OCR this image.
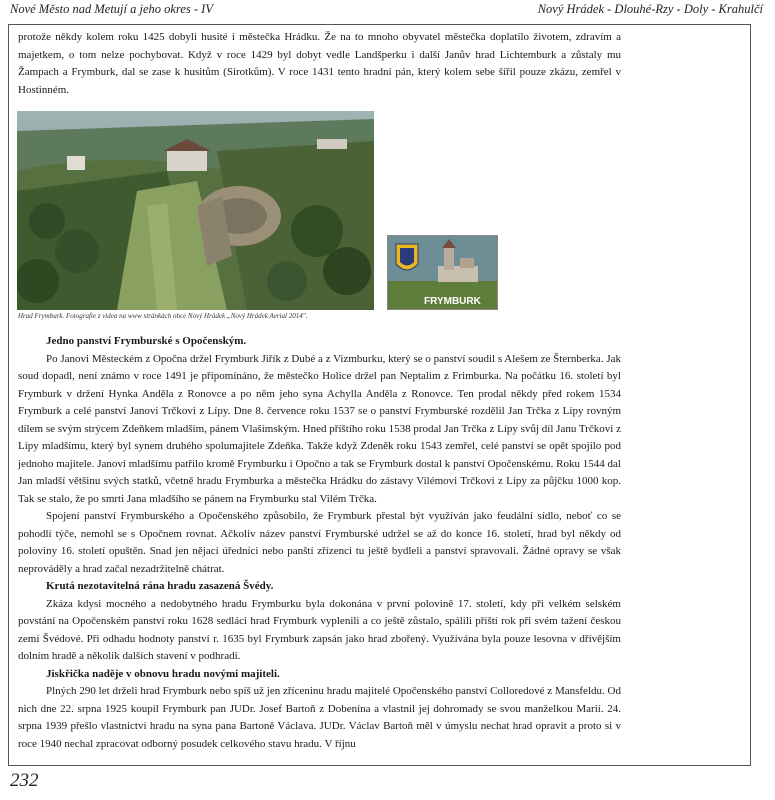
Nové Město nad Metují a jeho okres - IV	Nový Hrádek - Dlouhé-Rzy - Doly - Krahulčí

protože někdy kolem roku 1425 dobyli husité i městečka Hrádku. Že na to mnoho obyvatel městečka doplatilo životem, zdravím a majetkem, o tom nelze pochybovat. Když v roce 1429 byl dobyt vedle Landšperku i další Janův hrad Lichtemburk a zůstaly mu Žampach a Frymburk, dal se zase k husitům (Sirotkům). V roce 1431 tento hradní pán, který kolem sebe šířil pouze zkázu, zemřel v Hostinném.

Hrad Frymburk. Fotografie z videa na www stránkách obce Nový Hrádek „Nový Hrádek Aerial 2014".
FRYMBURK

Jedno panství Frymburské s Opočenským.

Po Janovi Městeckém z Opočna držel Frymburk Jiřík z Dubé a z Vizmburku, který se o panství soudil s Alešem ze Šternberka. Jak soud dopadl, není známo v roce 1491 je připomínáno, že městečko Holice držel pan Neptalim z Frimburka. Na počátku 16. století byl Frymburk v držení Hynka Anděla z Ronovce a po něm jeho syna Achylla Anděla z Ronovce. Ten prodal někdy před rokem 1534 Frymburk a celé panství Janovi Trčkovi z Lípy. Dne 8. července roku 1537 se o panství Frymburské rozdělil Jan Trčka z Lípy rovným dílem se svým strýcem Zdeňkem mladším, pánem Vlašimským. Hned příštího roku 1538 prodal Jan Trčka z Lípy svůj díl Janu Trčkovi z Lípy mladšímu, který byl synem druhého spolumajitele Zdeňka. Takže když Zdeněk roku 1543 zemřel, celé panství se opět spojilo pod jednoho majitele. Janovi mladšímu patřilo kromě Frymburku i Opočno a tak se Frymburk dostal k panství Opočenskému. Roku 1544 dal Jan mladší většinu svých statků, včetně hradu Frymburka a městečka Hrádku do zástavy Vilémovi Trčkovi z Lípy za půjčku 1000 kop. Tak se stalo, že po smrti Jana mladšího se pánem na Frymburku stal Vilém Trčka.

Spojení panství Frymburského a Opočenského způsobilo, že Frymburk přestal být využíván jako feudální sídlo, neboť co se pohodlí týče, nemohl se s Opočnem rovnat. Ačkoliv název panství Frymburské udržel se až do konce 16. století, hrad byl někdy od poloviny 16. století opuštěn. Snad jen nějací úředníci nebo panští zřízenci tu ještě bydleli a panství spravovali. Žádné opravy se však neprováděly a hrad začal nezadržitelně chátrat.

Krutá nezotavitelná rána hradu zasazená Švédy.

Zkáza kdysi mocného a nedobytného hradu Frymburku byla dokonána v první polovině 17. století, kdy při velkém selském povstání na Opočenském panství roku 1628 sedláci hrad Frymburk vyplenili a co ještě zůstalo, spálili příští rok při svém tažení českou zemí Švédové. Při odhadu hodnoty panství r. 1635 byl Frymburk zapsán jako hrad zbořený. Využívána byla pouze lesovna v dřívějším dolním hradě a několik dalších stavení v podhradí.

Jiskřička naděje v obnovu hradu novými majiteli.

Plných 290 let drželi hrad Frymburk nebo spíš už jen zříceninu hradu majitelé Opočenského panství Colloredové z Mansfeldu. Od nich dne 22. srpna 1925 koupil Frymburk pan JUDr. Josef Bartoň z Dobenína a vlastnil jej dohromady se svou manželkou Marií. 24. srpna 1939 přešlo vlastnictví hradu na syna pana Bartoně Václava. JUDr. Václav Bartoň měl v úmyslu nechat hrad opravit a proto si v roce 1940 nechal zpracovat odborný posudek celkového stavu hradu. V říjnu

232
